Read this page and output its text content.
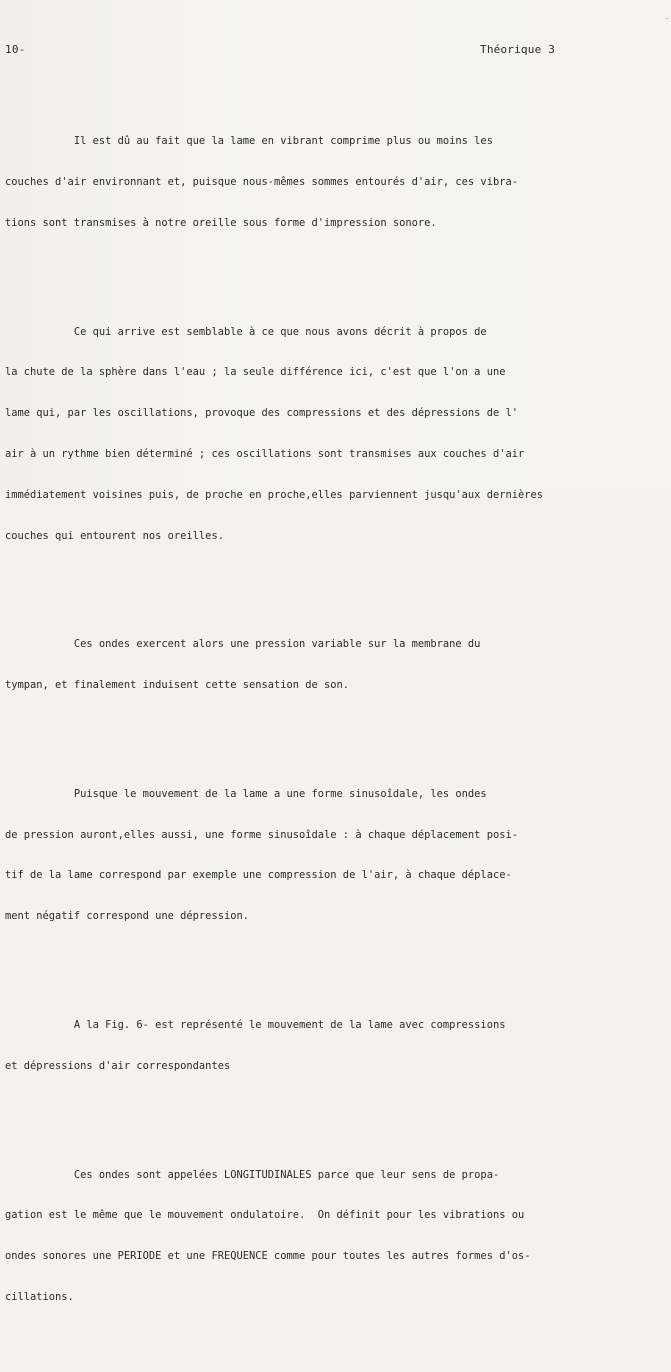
10-	Théorique 3

Il est dû au fait que la lame en vibrant comprime plus ou moins les

couches d'air environnant et, puisque nous-mêmes sommes entourés d'air, ces vibra-

tions sont transmises à notre oreille sous forme d'impression sonore.

Ce qui arrive est semblable à ce que nous avons décrit à propos de

la chute de la sphère dans l'eau ; la seule différence ici, c'est que l'on a une

lame qui, par les oscillations, provoque des compressions et des dépressions de l'

air à un rythme bien déterminé ; ces oscillations sont transmises aux couches d'air

immédiatement voisines puis, de proche en proche,elles parviennent jusqu'aux dernières

couches qui entourent nos oreilles.

Ces ondes exercent alors une pression variable sur la membrane du

tympan, et finalement induisent cette sensation de son.

Puisque le mouvement de la lame a une forme sinusoîdale, les ondes

de pression auront,elles aussi, une forme sinusoîdale : à chaque déplacement posi-

tif de la lame correspond par exemple une compression de l'air, à chaque déplace-

ment négatif correspond une dépression.

A la Fig. 6- est représenté le mouvement de la lame avec compressions

et dépressions d'air correspondantes

Ces ondes sont appelées LONGITUDINALES parce que leur sens de propa-

gation est le même que le mouvement ondulatoire.  On définit pour les vibrations ou

ondes sonores une PERIODE et une FREQUENCE comme pour toutes les autres formes d'os-

cillations.
